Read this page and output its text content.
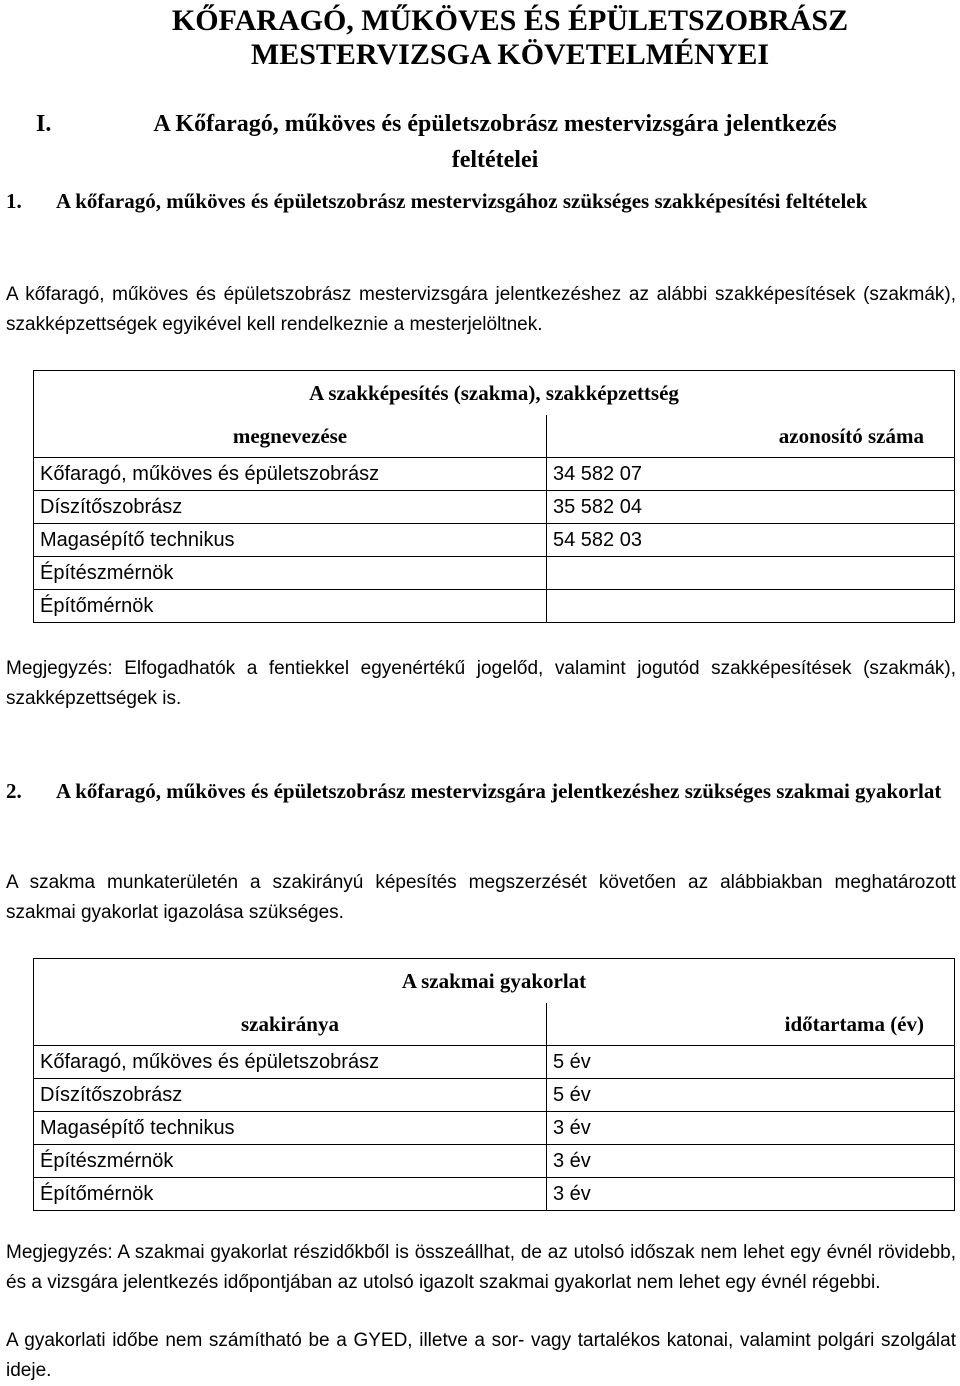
KŐFARAGÓ, MŰKÖVES ÉS ÉPÜLETSZOBRÁSZ
MESTERVIZSGA KÖVETELMÉNYEI
I.	A Kőfaragó, műköves és épületszobrász mestervizsgára jelentkezés
feltételei
1. A kőfaragó, műköves és épületszobrász mestervizsgához szükséges szakképesítési feltételek

A kőfaragó, műköves és épületszobrász mestervizsgára jelentkezéshez az alábbi szakképesítések (szakmák), szakképzettségek egyikével kell rendelkeznie a mesterjelöltnek.

A szakképesítés (szakma), szakképzettség		
megnevezése	azonosító száma	
Kőfaragó, műköves és épületszobrász	34 582 07	
Díszítőszobrász	35 582 04	
Magasépítő technikus	54 582 03	
Építészmérnök		
Építőmérnök		

Megjegyzés: Elfogadhatók a fentiekkel egyenértékű jogelőd, valamint jogutód szakképesítések (szakmák), szakképzettségek is.

2. A kőfaragó, műköves és épületszobrász mestervizsgára jelentkezéshez szükséges szakmai gyakorlat

A szakma munkaterületén a szakirányú képesítés megszerzését követően az alábbiakban meghatározott szakmai gyakorlat igazolása szükséges.

A szakmai gyakorlat		
szakiránya	időtartama (év)	
Kőfaragó, műköves és épületszobrász	5 év	
Díszítőszobrász	5 év	
Magasépítő technikus	3 év	
Építészmérnök	3 év	
Építőmérnök	3 év	

Megjegyzés: A szakmai gyakorlat részidőkből is összeállhat, de az utolsó időszak nem lehet egy évnél rövidebb, és a vizsgára jelentkezés időpontjában az utolsó igazolt szakmai gyakorlat nem lehet egy évnél régebbi.

A gyakorlati időbe nem számítható be a GYED, illetve a sor- vagy tartalékos katonai, valamint polgári szolgálat ideje.
